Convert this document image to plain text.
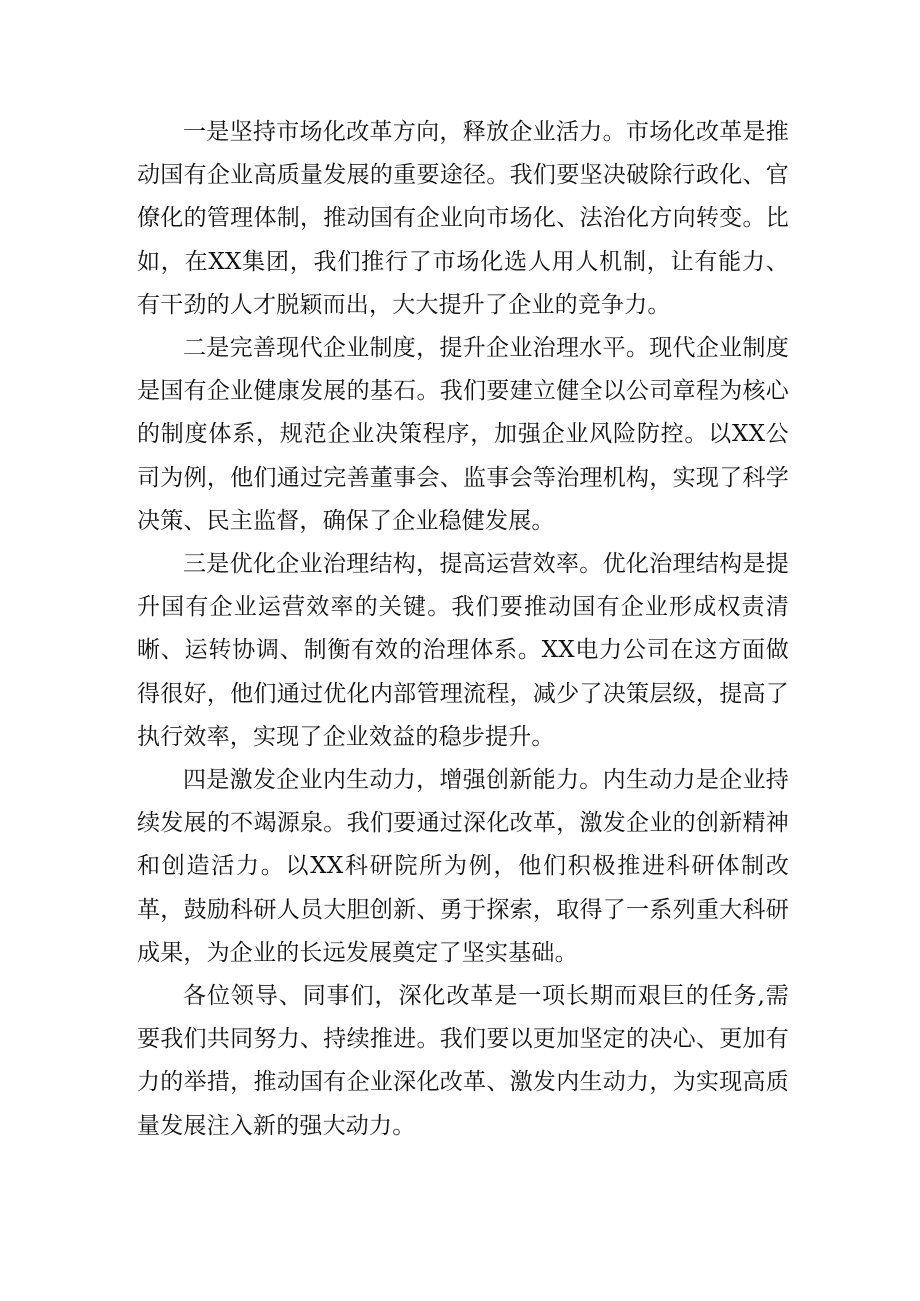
一是坚持市场化改革方向，释放企业活力。市场化改革是推动国有企业高质量发展的重要途径。我们要坚决破除行政化、官僚化的管理体制，推动国有企业向市场化、法治化方向转变。比如，在XX集团，我们推行了市场化选人用人机制，让有能力、有干劲的人才脱颖而出，大大提升了企业的竞争力。

二是完善现代企业制度，提升企业治理水平。现代企业制度是国有企业健康发展的基石。我们要建立健全以公司章程为核心的制度体系，规范企业决策程序，加强企业风险防控。以XX公司为例，他们通过完善董事会、监事会等治理机构，实现了科学决策、民主监督，确保了企业稳健发展。

三是优化企业治理结构，提高运营效率。优化治理结构是提升国有企业运营效率的关键。我们要推动国有企业形成权责清晰、运转协调、制衡有效的治理体系。XX电力公司在这方面做得很好，他们通过优化内部管理流程，减少了决策层级，提高了执行效率，实现了企业效益的稳步提升。

四是激发企业内生动力，增强创新能力。内生动力是企业持续发展的不竭源泉。我们要通过深化改革，激发企业的创新精神和创造活力。以XX科研院所为例，他们积极推进科研体制改革，鼓励科研人员大胆创新、勇于探索，取得了一系列重大科研成果，为企业的长远发展奠定了坚实基础。

各位领导、同事们，深化改革是一项长期而艰巨的任务,需要我们共同努力、持续推进。我们要以更加坚定的决心、更加有力的举措，推动国有企业深化改革、激发内生动力，为实现高质量发展注入新的强大动力。
